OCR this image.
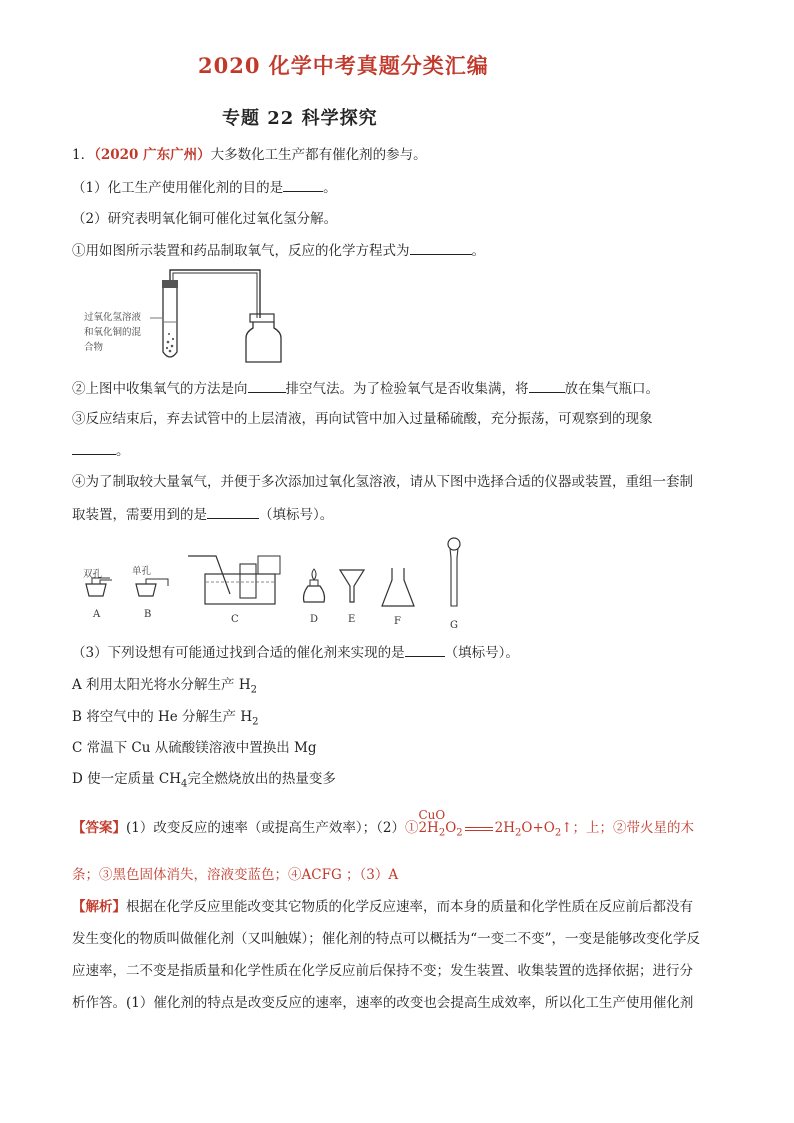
2020 化学中考真题分类汇编
专题 22 科学探究
1．（2020 广东广州）大多数化工生产都有催化剂的参与。
（1）化工生产使用催化剂的目的是	。
（2）研究表明氧化铜可催化过氧化氢分解。
①用如图所示装置和药品制取氧气，反应的化学方程式为	。
过氧化氢溶液
和氧化铜的混
合物
②上图中收集氧气的方法是向	排空气法。为了检验氧气是否收集满，将	放在集气瓶口。
③反应结束后，弃去试管中的上层清液，再向试管中加入过量稀硫酸，充分振荡，可观察到的现象
。
④为了制取较大量氧气，并便于多次添加过氧化氢溶液，请从下图中选择合适的仪器或装置，重组一套制
取装置，需要用到的是	（填标号）。
双孔
A
单孔
B	C	D	E	F	G
（3）下列设想有可能通过找到合适的催化剂来实现的是	（填标号）。
A 利用太阳光将水分解生产 $H_2$
B 将空气中的 He 分解生产 $H_2$
C 常温下 Cu 从硫酸镁溶液中置换出 Mg
D 使一定质量 $CH_4$完全燃烧放出的热量变多
【答案】(1）改变反应的速率（或提高生产效率）；（2）①
CuO
$2H_2O_2$ $2H_2O+O_2↑$；上；②带火星的木
条；③黑色固体消失，溶液变蓝色；④ACFG ；（3）A
【解析】根据在化学反应里能改变其它物质的化学反应速率，而本身的质量和化学性质在反应前后都没有
发生变化的物质叫做催化剂（又叫触媒）；催化剂的特点可以概括为“一变二不变”，一变是能够改变化学反
应速率，二不变是指质量和化学性质在化学反应前后保持不变；发生装置、收集装置的选择依据；进行分
析作答。(1）催化剂的特点是改变反应的速率，速率的改变也会提高生成效率，所以化工生产使用催化剂
